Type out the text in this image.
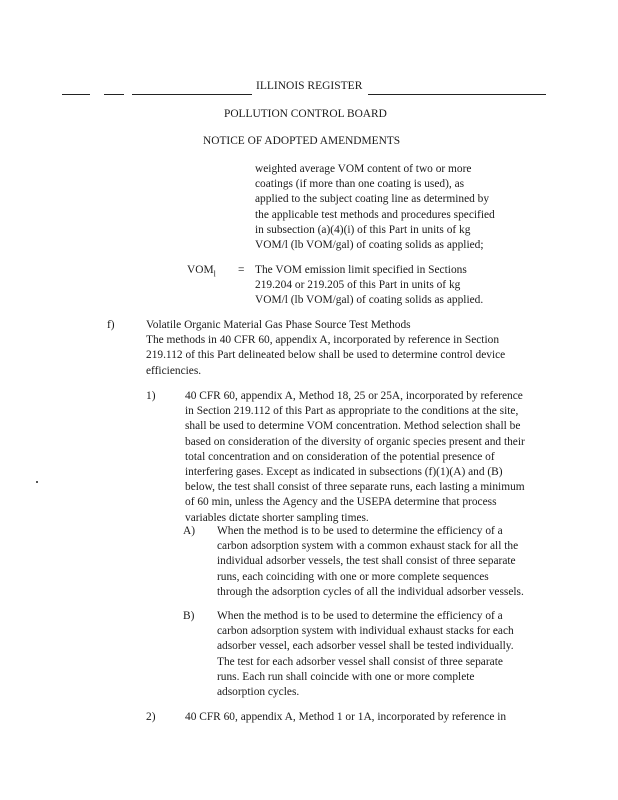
ILLINOIS REGISTER
POLLUTION CONTROL BOARD
NOTICE OF ADOPTED AMENDMENTS
weighted average VOM content of two or more
coatings (if more than one coating is used), as
applied to the subject coating line as determined by
the applicable test methods and procedures specified
in subsection (a)(4)(i) of this Part in units of kg
VOM/l (lb VOM/gal) of coating solids as applied;
$VOM_l$ = The VOM emission limit specified in Sections
219.204 or 219.205 of this Part in units of kg
VOM/l (lb VOM/gal) of coating solids as applied.
f)	Volatile Organic Material Gas Phase Source Test Methods
The methods in 40 CFR 60, appendix A, incorporated by reference in Section
219.112 of this Part delineated below shall be used to determine control device
efficiencies.
1)	40 CFR 60, appendix A, Method 18, 25 or 25A, incorporated by reference
in Section 219.112 of this Part as appropriate to the conditions at the site,
shall be used to determine VOM concentration. Method selection shall be
based on consideration of the diversity of organic species present and their
total concentration and on consideration of the potential presence of
interfering gases. Except as indicated in subsections (f)(1)(A) and (B)
below, the test shall consist of three separate runs, each lasting a minimum
of 60 min, unless the Agency and the USEPA determine that process
variables dictate shorter sampling times.
A) When the method is to be used to determine the efficiency of a
carbon adsorption system with a common exhaust stack for all the
individual adsorber vessels, the test shall consist of three separate
runs, each coinciding with one or more complete sequences
through the adsorption cycles of all the individual adsorber vessels.
B) When the method is to be used to determine the efficiency of a
carbon adsorption system with individual exhaust stacks for each
adsorber vessel, each adsorber vessel shall be tested individually.
The test for each adsorber vessel shall consist of three separate
runs. Each run shall coincide with one or more complete
adsorption cycles.
2)	40 CFR 60, appendix A, Method 1 or 1A, incorporated by reference in
